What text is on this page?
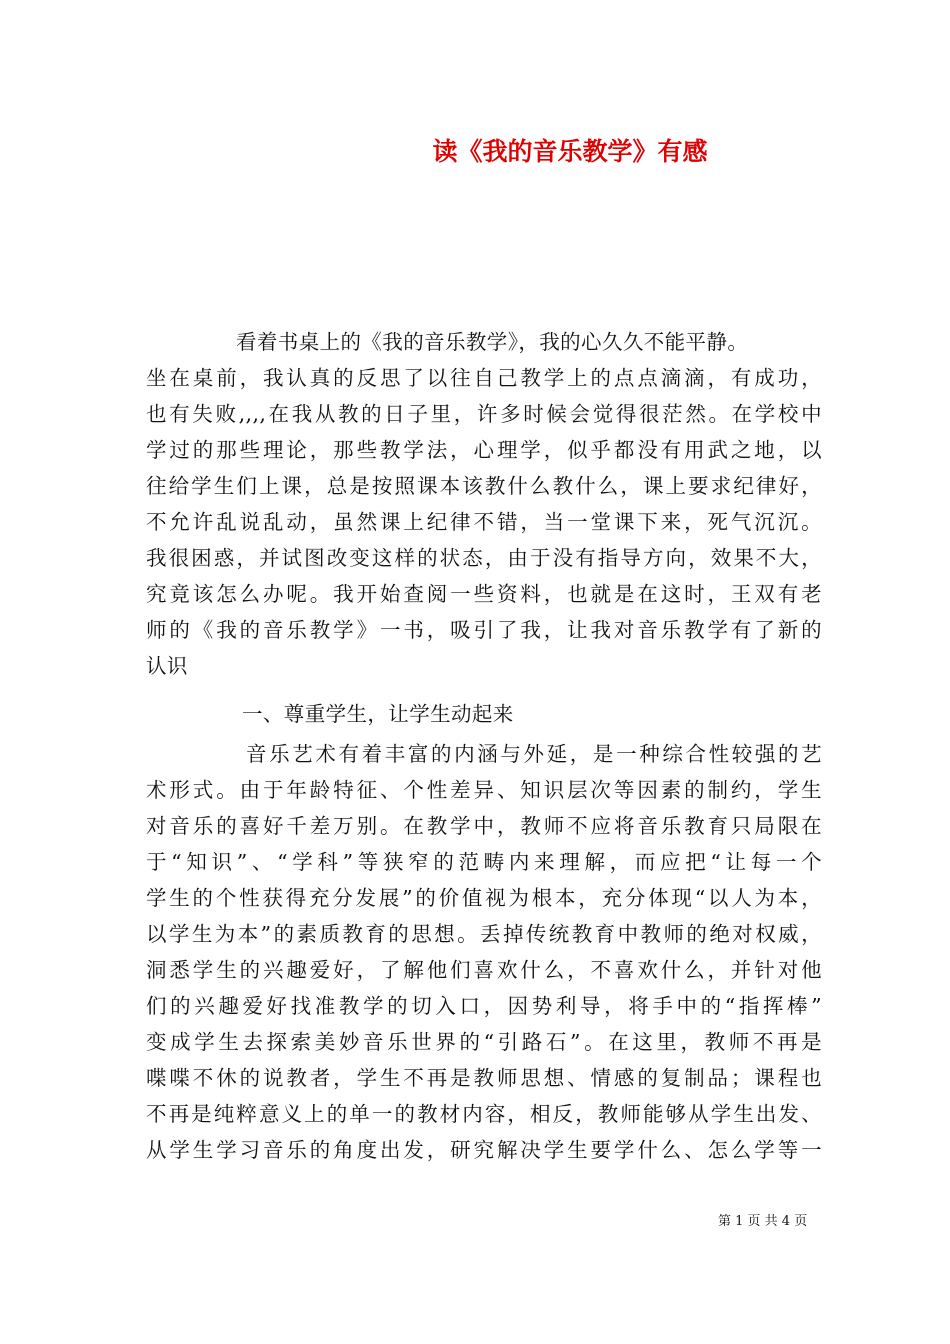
读《我的音乐教学》有感
看着书桌上的《我的音乐教学》，我的心久久不能平静。
坐在桌前，我认真的反思了以往自己教学上的点点滴滴，有成功，
也有失败,,,,在我从教的日子里，许多时候会觉得很茫然。在学校中
学过的那些理论，那些教学法，心理学，似乎都没有用武之地，以
往给学生们上课，总是按照课本该教什么教什么，课上要求纪律好，
不允许乱说乱动，虽然课上纪律不错，当一堂课下来，死气沉沉。
我很困惑，并试图改变这样的状态，由于没有指导方向，效果不大，
究竟该怎么办呢。我开始查阅一些资料，也就是在这时，王双有老
师的《我的音乐教学》一书，吸引了我，让我对音乐教学有了新的
认识
一、尊重学生，让学生动起来
音乐艺术有着丰富的内涵与外延，是一种综合性较强的艺
术形式。由于年龄特征、个性差异、知识层次等因素的制约，学生
对音乐的喜好千差万别。在教学中，教师不应将音乐教育只局限在
于“知识”、“学科”等狭窄的范畴内来理解，而应把“让每一个
学生的个性获得充分发展”的价值视为根本，充分体现“以人为本，
以学生为本”的素质教育的思想。丢掉传统教育中教师的绝对权威，
洞悉学生的兴趣爱好，了解他们喜欢什么，不喜欢什么，并针对他
们的兴趣爱好找准教学的切入口，因势利导，将手中的“指挥棒”
变成学生去探索美妙音乐世界的“引路石”。在这里，教师不再是
喋喋不休的说教者，学生不再是教师思想、情感的复制品；课程也
不再是纯粹意义上的单一的教材内容，相反，教师能够从学生出发、
从学生学习音乐的角度出发，研究解决学生要学什么、怎么学等一
第 1 页 共 4 页
